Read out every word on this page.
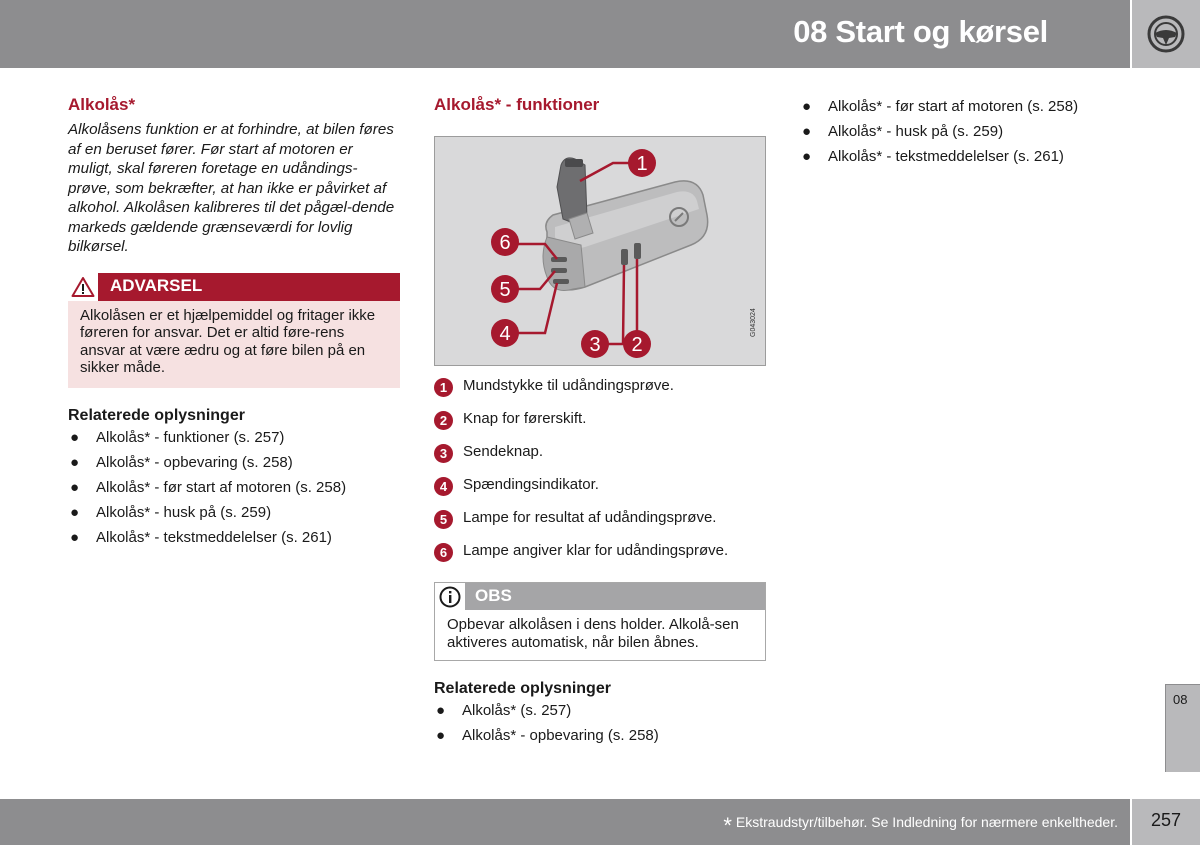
08 Start og kørsel
Alkolås*
Alkolåsens funktion er at forhindre, at bilen føres af en beruset fører. Før start af motoren er muligt, skal føreren foretage en udåndings-prøve, som bekræfter, at han ikke er påvirket af alkohol. Alkolåsen kalibreres til det pågæl-dende markeds gældende grænseværdi for lovlig bilkørsel.
ADVARSEL
Alkolåsen er et hjælpemiddel og fritager ikke føreren for ansvar. Det er altid føre-rens ansvar at være ædru og at føre bilen på en sikker måde.
Relaterede oplysninger
● Alkolås* - funktioner (s. 257)
● Alkolås* - opbevaring (s. 258)
● Alkolås* - før start af motoren (s. 258)
● Alkolås* - husk på (s. 259)
● Alkolås* - tekstmeddelelser (s. 261)
Alkolås* - funktioner
1
6
5
4	3 2
G043024
1	Mundstykke til udåndingsprøve.
2	Knap for førerskift.
3	Sendeknap.
4	Spændingsindikator.
5	Lampe for resultat af udåndingsprøve.
6	Lampe angiver klar for udåndingsprøve.
OBS
Opbevar alkolåsen i dens holder. Alkolå-sen aktiveres automatisk, når bilen åbnes.
Relaterede oplysninger
● Alkolås* (s. 257)
● Alkolås* - opbevaring (s. 258)
● Alkolås* - før start af motoren (s. 258)
● Alkolås* - husk på (s. 259)
● Alkolås* - tekstmeddelelser (s. 261)
08
* Ekstraudstyr/tilbehør. Se Indledning for nærmere enkeltheder.	257
